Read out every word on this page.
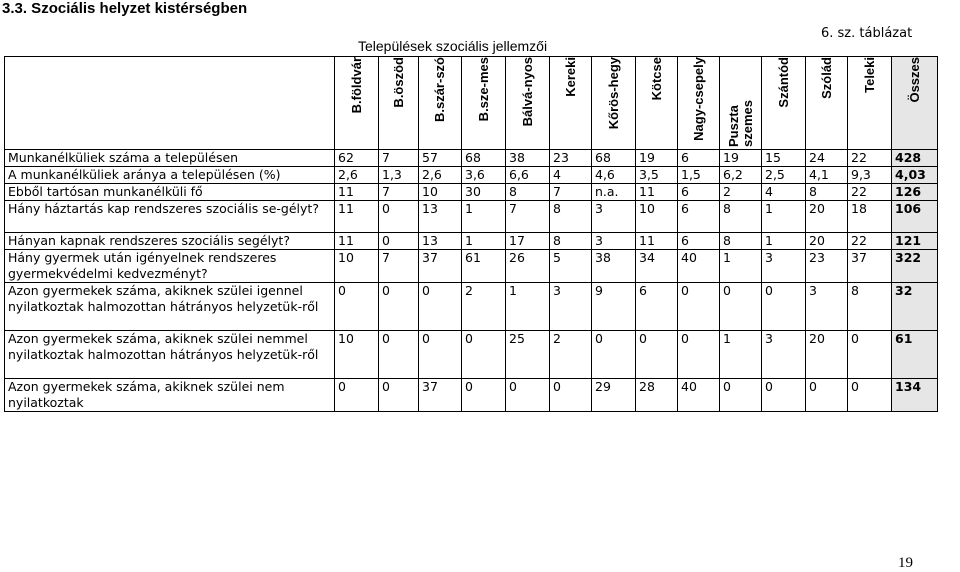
3.3. Szociális helyzet kistérségben
Települések szociális jellemzői
6. sz. táblázat

	B.földvár	B.öszöd	B.szár-szó	B.sze-mes	Bálvá-nyos	Kereki	Kőrös-hegy	Kötcse	Nagy-csepely	Puszta szemes	Szántód	Szólád	Teleki	Összes

Munkanélküliek száma a településen	62	7	57	68	38	23	68	19	6	19	15	24	22	428
A munkanélküliek aránya a településen (%)	2,6	1,3	2,6	3,6	6,6	4	4,6	3,5	1,5	6,2	2,5	4,1	9,3	4,03
Ebből tartósan munkanélküli fő	11	7	10	30	8	7	n.a.	11	6	2	4	8	22	126
Hány háztartás kap rendszeres szociális se-gélyt?	11	0	13	1	7	8	3	10	6	8	1	20	18	106
Hányan kapnak rendszeres szociális segélyt?	11	0	13	1	17	8	3	11	6	8	1	20	22	121
Hány gyermek után igényelnek rendszeres gyermekvédelmi kedvezményt?	10	7	37	61	26	5	38	34	40	1	3	23	37	322
Azon gyermekek száma, akiknek szülei igennel nyilatkoztak halmozottan hátrányos helyzetük-ről	0	0	0	2	1	3	9	6	0	0	0	3	8	32
Azon gyermekek száma, akiknek szülei nemmel nyilatkoztak halmozottan hátrányos helyzetük-ről	10	0	0	0	25	2	0	0	0	1	3	20	0	61
Azon gyermekek száma, akiknek szülei nem nyilatkoztak	0	0	37	0	0	0	29	28	40	0	0	0	0	134
19
